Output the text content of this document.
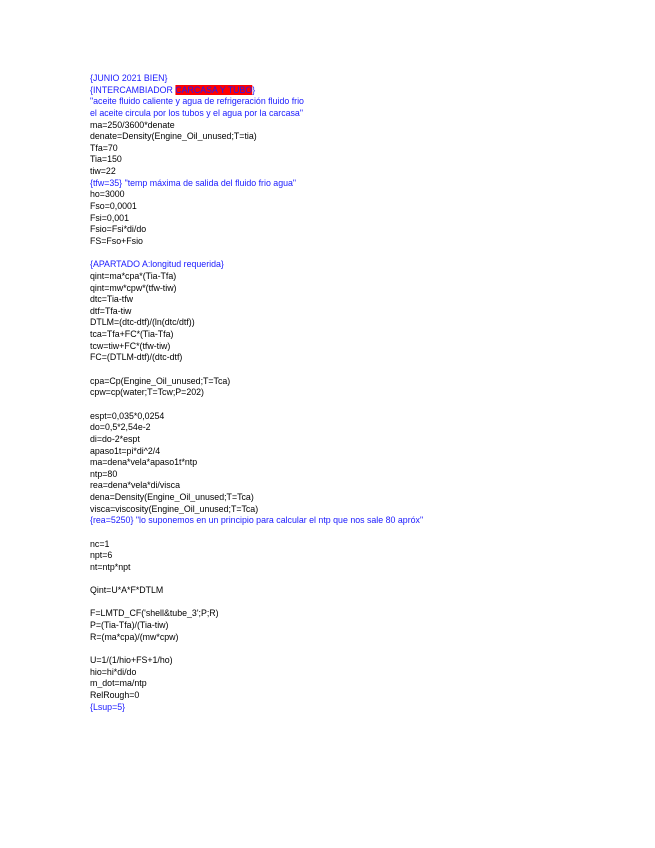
{JUNIO 2021 BIEN}
{INTERCAMBIADOR CARCASA Y TUBO}
"aceite fluido caliente y agua de refrigeración fluido frio
el aceite circula por los tubos y el agua por la carcasa"
ma=250/3600*denate
denate=Density(Engine_Oil_unused;T=tia)
Tfa=70
Tia=150
tiw=22
{tfw=35} "temp máxima de salida del fluido frio agua"
ho=3000
Fso=0,0001
Fsi=0,001
Fsio=Fsi*di/do
FS=Fso+Fsio
{APARTADO A:longitud requerida}
qint=ma*cpa*(Tia-Tfa)
qint=mw*cpw*(tfw-tiw)
dtc=Tia-tfw
dtf=Tfa-tiw
DTLM=(dtc-dtf)/(ln(dtc/dtf))
tca=Tfa+FC*(Tia-Tfa)
tcw=tiw+FC*(tfw-tiw)
FC=(DTLM-dtf)/(dtc-dtf)
cpa=Cp(Engine_Oil_unused;T=Tca)
cpw=cp(water;T=Tcw;P=202)
espt=0,035*0,0254
do=0,5*2,54e-2
di=do-2*espt
apaso1t=pi*di^2/4
ma=dena*vela*apaso1t*ntp
ntp=80
rea=dena*vela*di/visca
dena=Density(Engine_Oil_unused;T=Tca)
visca=viscosity(Engine_Oil_unused;T=Tca)
{rea=5250} "lo suponemos en un principio para calcular el ntp que nos sale 80 apróx"
nc=1
npt=6
nt=ntp*npt
Qint=U*A*F*DTLM
F=LMTD_CF('shell&tube_3';P;R)
P=(Tia-Tfa)/(Tia-tiw)
R=(ma*cpa)/(mw*cpw)
U=1/(1/hio+FS+1/ho)
hio=hi*di/do
m_dot=ma/ntp
RelRough=0
{Lsup=5}
